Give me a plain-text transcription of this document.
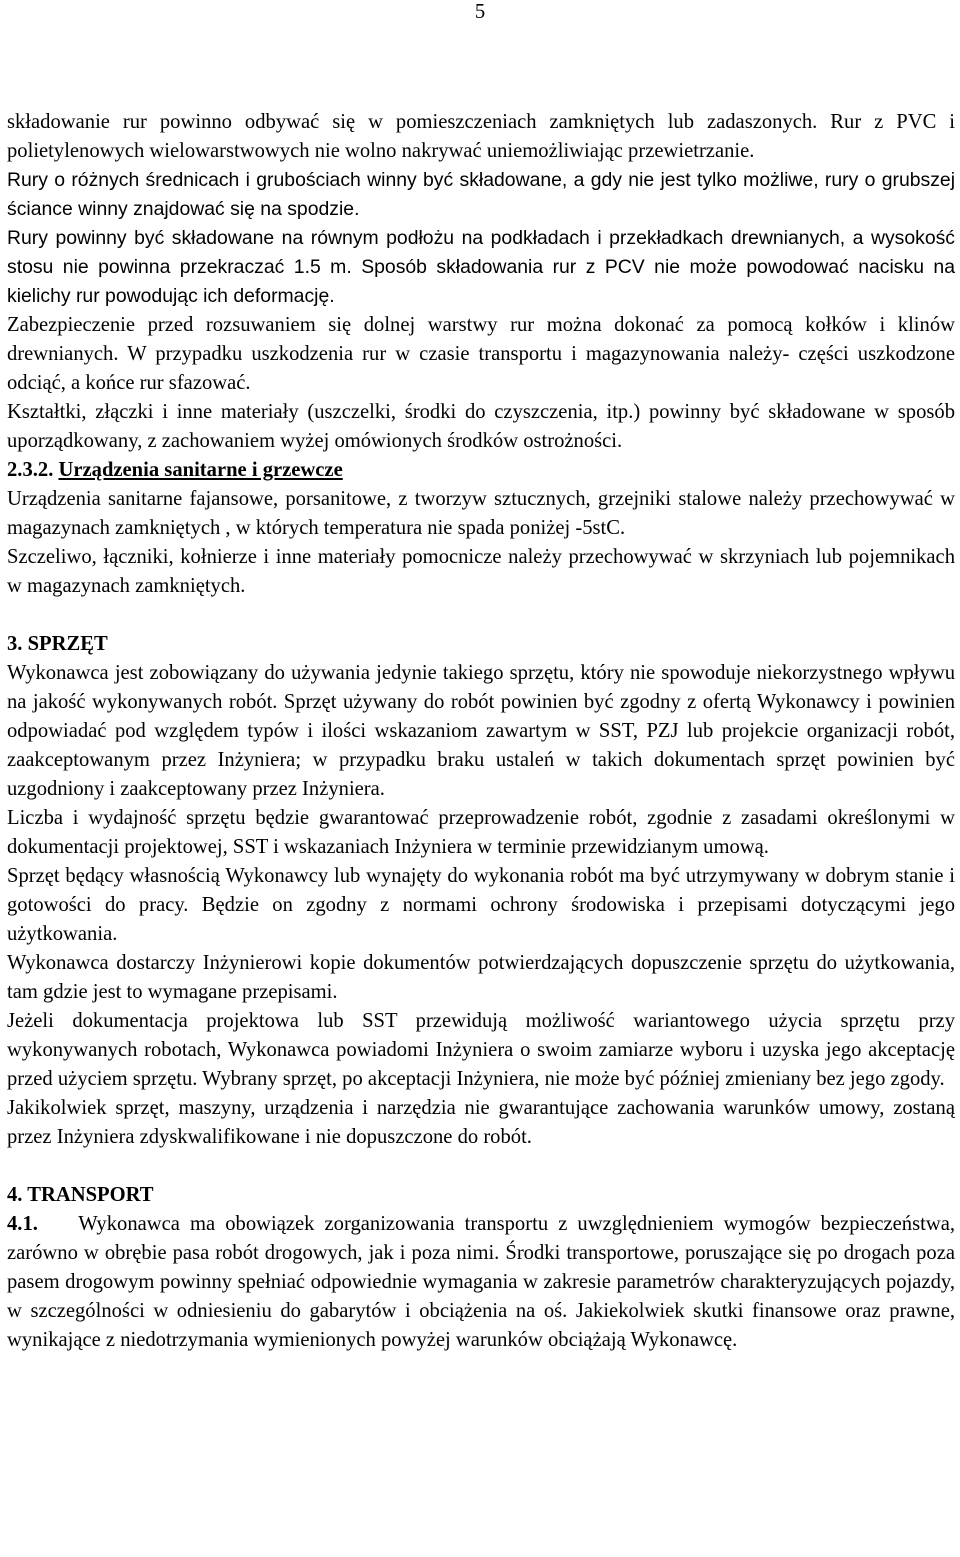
5

składowanie rur powinno odbywać się w pomieszczeniach zamkniętych lub zadaszonych. Rur z PVC i polietylenowych wielowarstwowych nie wolno nakrywać uniemożliwiając przewietrzanie.

Rury o różnych średnicach i grubościach winny być składowane, a gdy nie jest tylko możliwe, rury o grubszej ściance winny znajdować się na spodzie.

Rury powinny być składowane na równym podłożu na podkładach i przekładkach drewnianych, a wysokość stosu nie powinna przekraczać 1.5 m. Sposób składowania rur z PCV nie może powodować nacisku na kielichy rur powodując ich deformację.

Zabezpieczenie przed rozsuwaniem się dolnej warstwy rur można dokonać za pomocą kołków i klinów drewnianych. W przypadku uszkodzenia rur w czasie transportu i magazynowania należy- części uszkodzone odciąć, a końce rur sfazować.

Kształtki, złączki i inne materiały (uszczelki, środki do czyszczenia, itp.) powinny być składowane w sposób uporządkowany, z zachowaniem wyżej omówionych środków ostrożności.

2.3.2. Urządzenia sanitarne i grzewcze

Urządzenia sanitarne fajansowe, porsanitowe, z tworzyw sztucznych, grzejniki stalowe należy przechowywać w magazynach zamkniętych , w których temperatura nie spada poniżej -5stC.

Szczeliwo, łączniki, kołnierze i inne materiały pomocnicze należy przechowywać w skrzyniach lub pojemnikach w magazynach zamkniętych.

3. SPRZĘT

Wykonawca jest zobowiązany do używania jedynie takiego sprzętu, który nie spowoduje niekorzystnego wpływu na jakość wykonywanych robót. Sprzęt używany do robót powinien być zgodny z ofertą Wykonawcy i powinien odpowiadać pod względem typów i ilości wskazaniom zawartym w SST, PZJ lub projekcie organizacji robót, zaakceptowanym przez Inżyniera; w przypadku braku ustaleń w takich dokumentach sprzęt powinien być uzgodniony i zaakceptowany przez Inżyniera.

Liczba i wydajność sprzętu będzie gwarantować przeprowadzenie robót, zgodnie z zasadami określonymi w dokumentacji projektowej, SST i wskazaniach Inżyniera w terminie przewidzianym umową.

Sprzęt będący własnością Wykonawcy lub wynajęty do wykonania robót ma być utrzymywany w dobrym stanie i gotowości do pracy. Będzie on zgodny z normami ochrony środowiska i przepisami dotyczącymi jego użytkowania.

Wykonawca dostarczy Inżynierowi kopie dokumentów potwierdzających dopuszczenie sprzętu do użytkowania, tam gdzie jest to wymagane przepisami.

Jeżeli dokumentacja projektowa lub SST przewidują możliwość wariantowego użycia sprzętu przy wykonywanych robotach, Wykonawca powiadomi Inżyniera o swoim zamiarze wyboru i uzyska jego akceptację przed użyciem sprzętu. Wybrany sprzęt, po akceptacji Inżyniera, nie może być później zmieniany bez jego zgody.

Jakikolwiek sprzęt, maszyny, urządzenia i narzędzia nie gwarantujące zachowania warunków umowy, zostaną przez Inżyniera zdyskwalifikowane i nie dopuszczone do robót.

4. TRANSPORT

4.1. Wykonawca ma obowiązek zorganizowania transportu z uwzględnieniem wymogów bezpieczeństwa, zarówno w obrębie pasa robót drogowych, jak i poza nimi. Środki transportowe, poruszające się po drogach poza pasem drogowym powinny spełniać odpowiednie wymagania w zakresie parametrów charakteryzujących pojazdy, w szczególności w odniesieniu do gabarytów i obciążenia na oś. Jakiekolwiek skutki finansowe oraz prawne, wynikające z niedotrzymania wymienionych powyżej warunków obciążają Wykonawcę.
